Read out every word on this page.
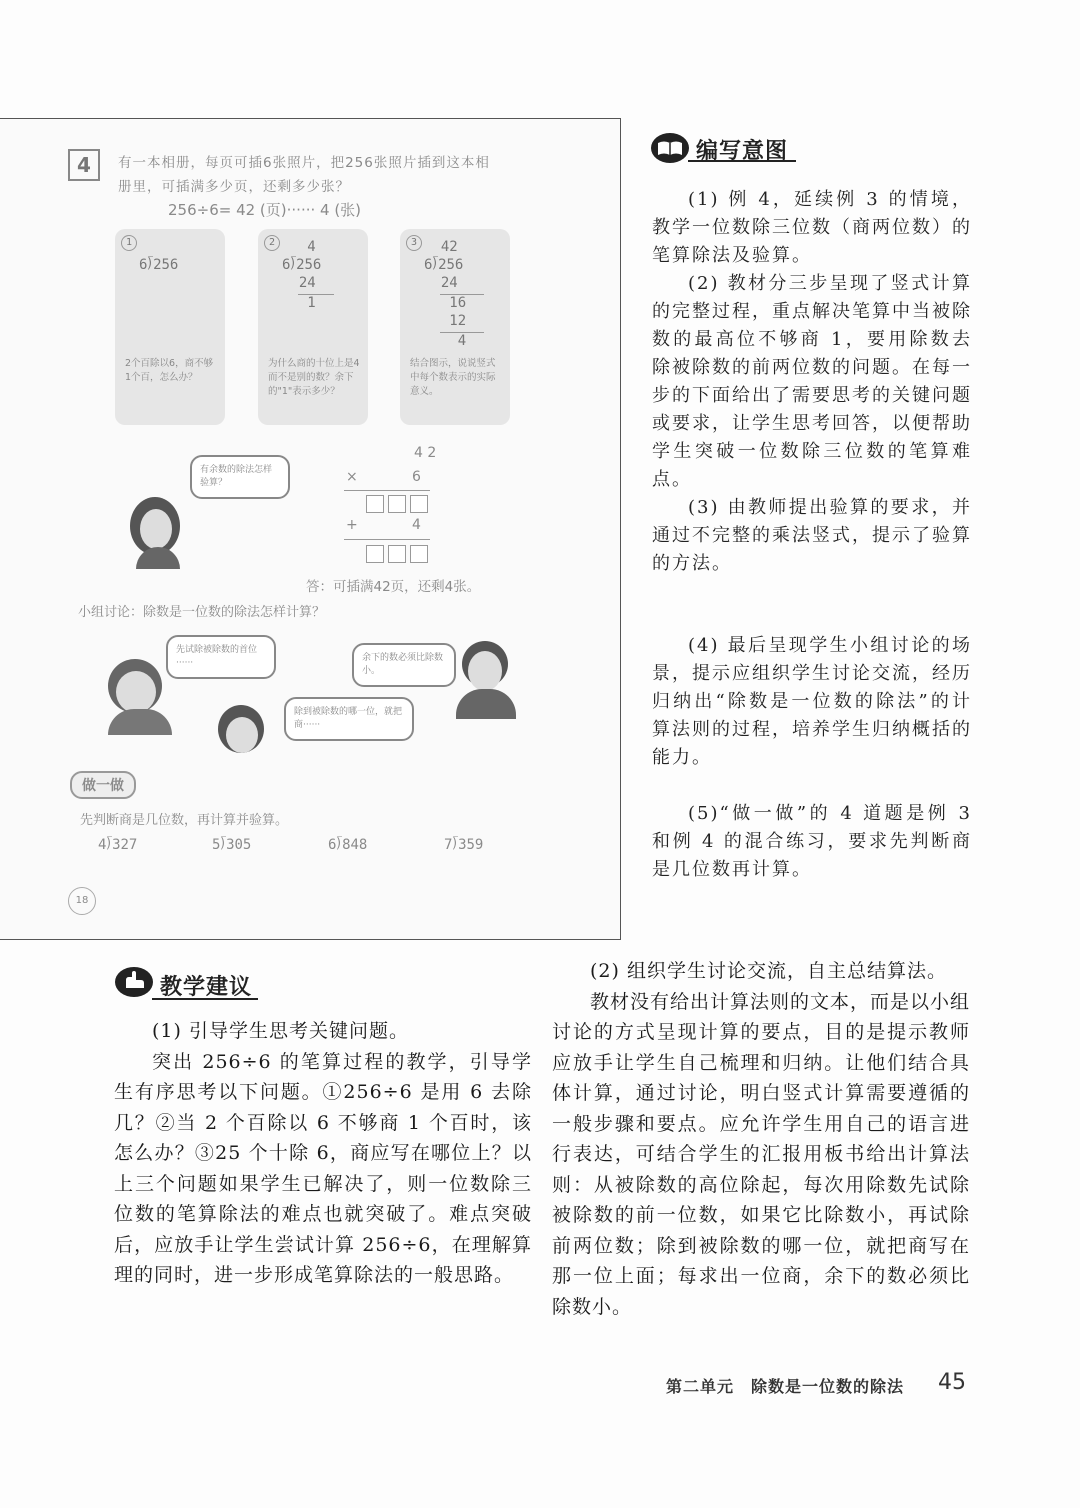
4	有一本相册，每页可插6张照片，把256张照片插到这本相
册里，可插满多少页，还剩多少张？
256÷6= 42 (页)······ 4 (张)
1
6⟌256
2个百除以6，商不够1个百，怎么办？
2 4
6⟌256
24
1
为什么商的十位上是4而不是别的数？余下的"1"表示多少？
3 42
6⟌256
24
16
12
4
结合图示，说说竖式中每个数表示的实际意义。
有余数的除法怎样验算？
4 2
×	6
+	4
答：可插满42页，还剩4张。
小组讨论：除数是一位数的除法怎样计算？
先试除被除数的首位······
除到被除数的哪一位，就把商······
余下的数必须比除数小。
做一做
先判断商是几位数，再计算并验算。
4⟌327	5⟌305	6⟌848	7⟌359
18
编写意图

(1) 例 4，延续例 3 的情境，教学一位数除三位数（商两位数）的笔算除法及验算。

(2) 教材分三步呈现了竖式计算的完整过程，重点解决笔算中当被除数的最高位不够商 1，要用除数去除被除数的前两位数的问题。在每一步的下面给出了需要思考的关键问题或要求，让学生思考回答，以便帮助学生突破一位数除三位数的笔算难点。

(3) 由教师提出验算的要求，并通过不完整的乘法竖式，提示了验算的方法。

(4) 最后呈现学生小组讨论的场景，提示应组织学生讨论交流，经历归纳出“除数是一位数的除法”的计算法则的过程，培养学生归纳概括的能力。

(5)“做一做”的 4 道题是例 3 和例 4 的混合练习，要求先判断商是几位数再计算。

教学建议

(1) 引导学生思考关键问题。

突出 256÷6 的笔算过程的教学，引导学生有序思考以下问题。①256÷6 是用 6 去除几？②当 2 个百除以 6 不够商 1 个百时，该怎么办？③25 个十除 6，商应写在哪位上？以上三个问题如果学生已解决了，则一位数除三位数的笔算除法的难点也就突破了。难点突破后，应放手让学生尝试计算 256÷6，在理解算理的同时，进一步形成笔算除法的一般思路。

(2) 组织学生讨论交流，自主总结算法。

教材没有给出计算法则的文本，而是以小组讨论的方式呈现计算的要点，目的是提示教师应放手让学生自己梳理和归纳。让他们结合具体计算，通过讨论，明白竖式计算需要遵循的一般步骤和要点。应允许学生用自己的语言进行表达，可结合学生的汇报用板书给出计算法则：从被除数的高位除起，每次用除数先试除被除数的前一位数，如果它比除数小，再试除前两位数；除到被除数的哪一位，就把商写在那一位上面；每求出一位商，余下的数必须比除数小。

第二单元　除数是一位数的除法 45
